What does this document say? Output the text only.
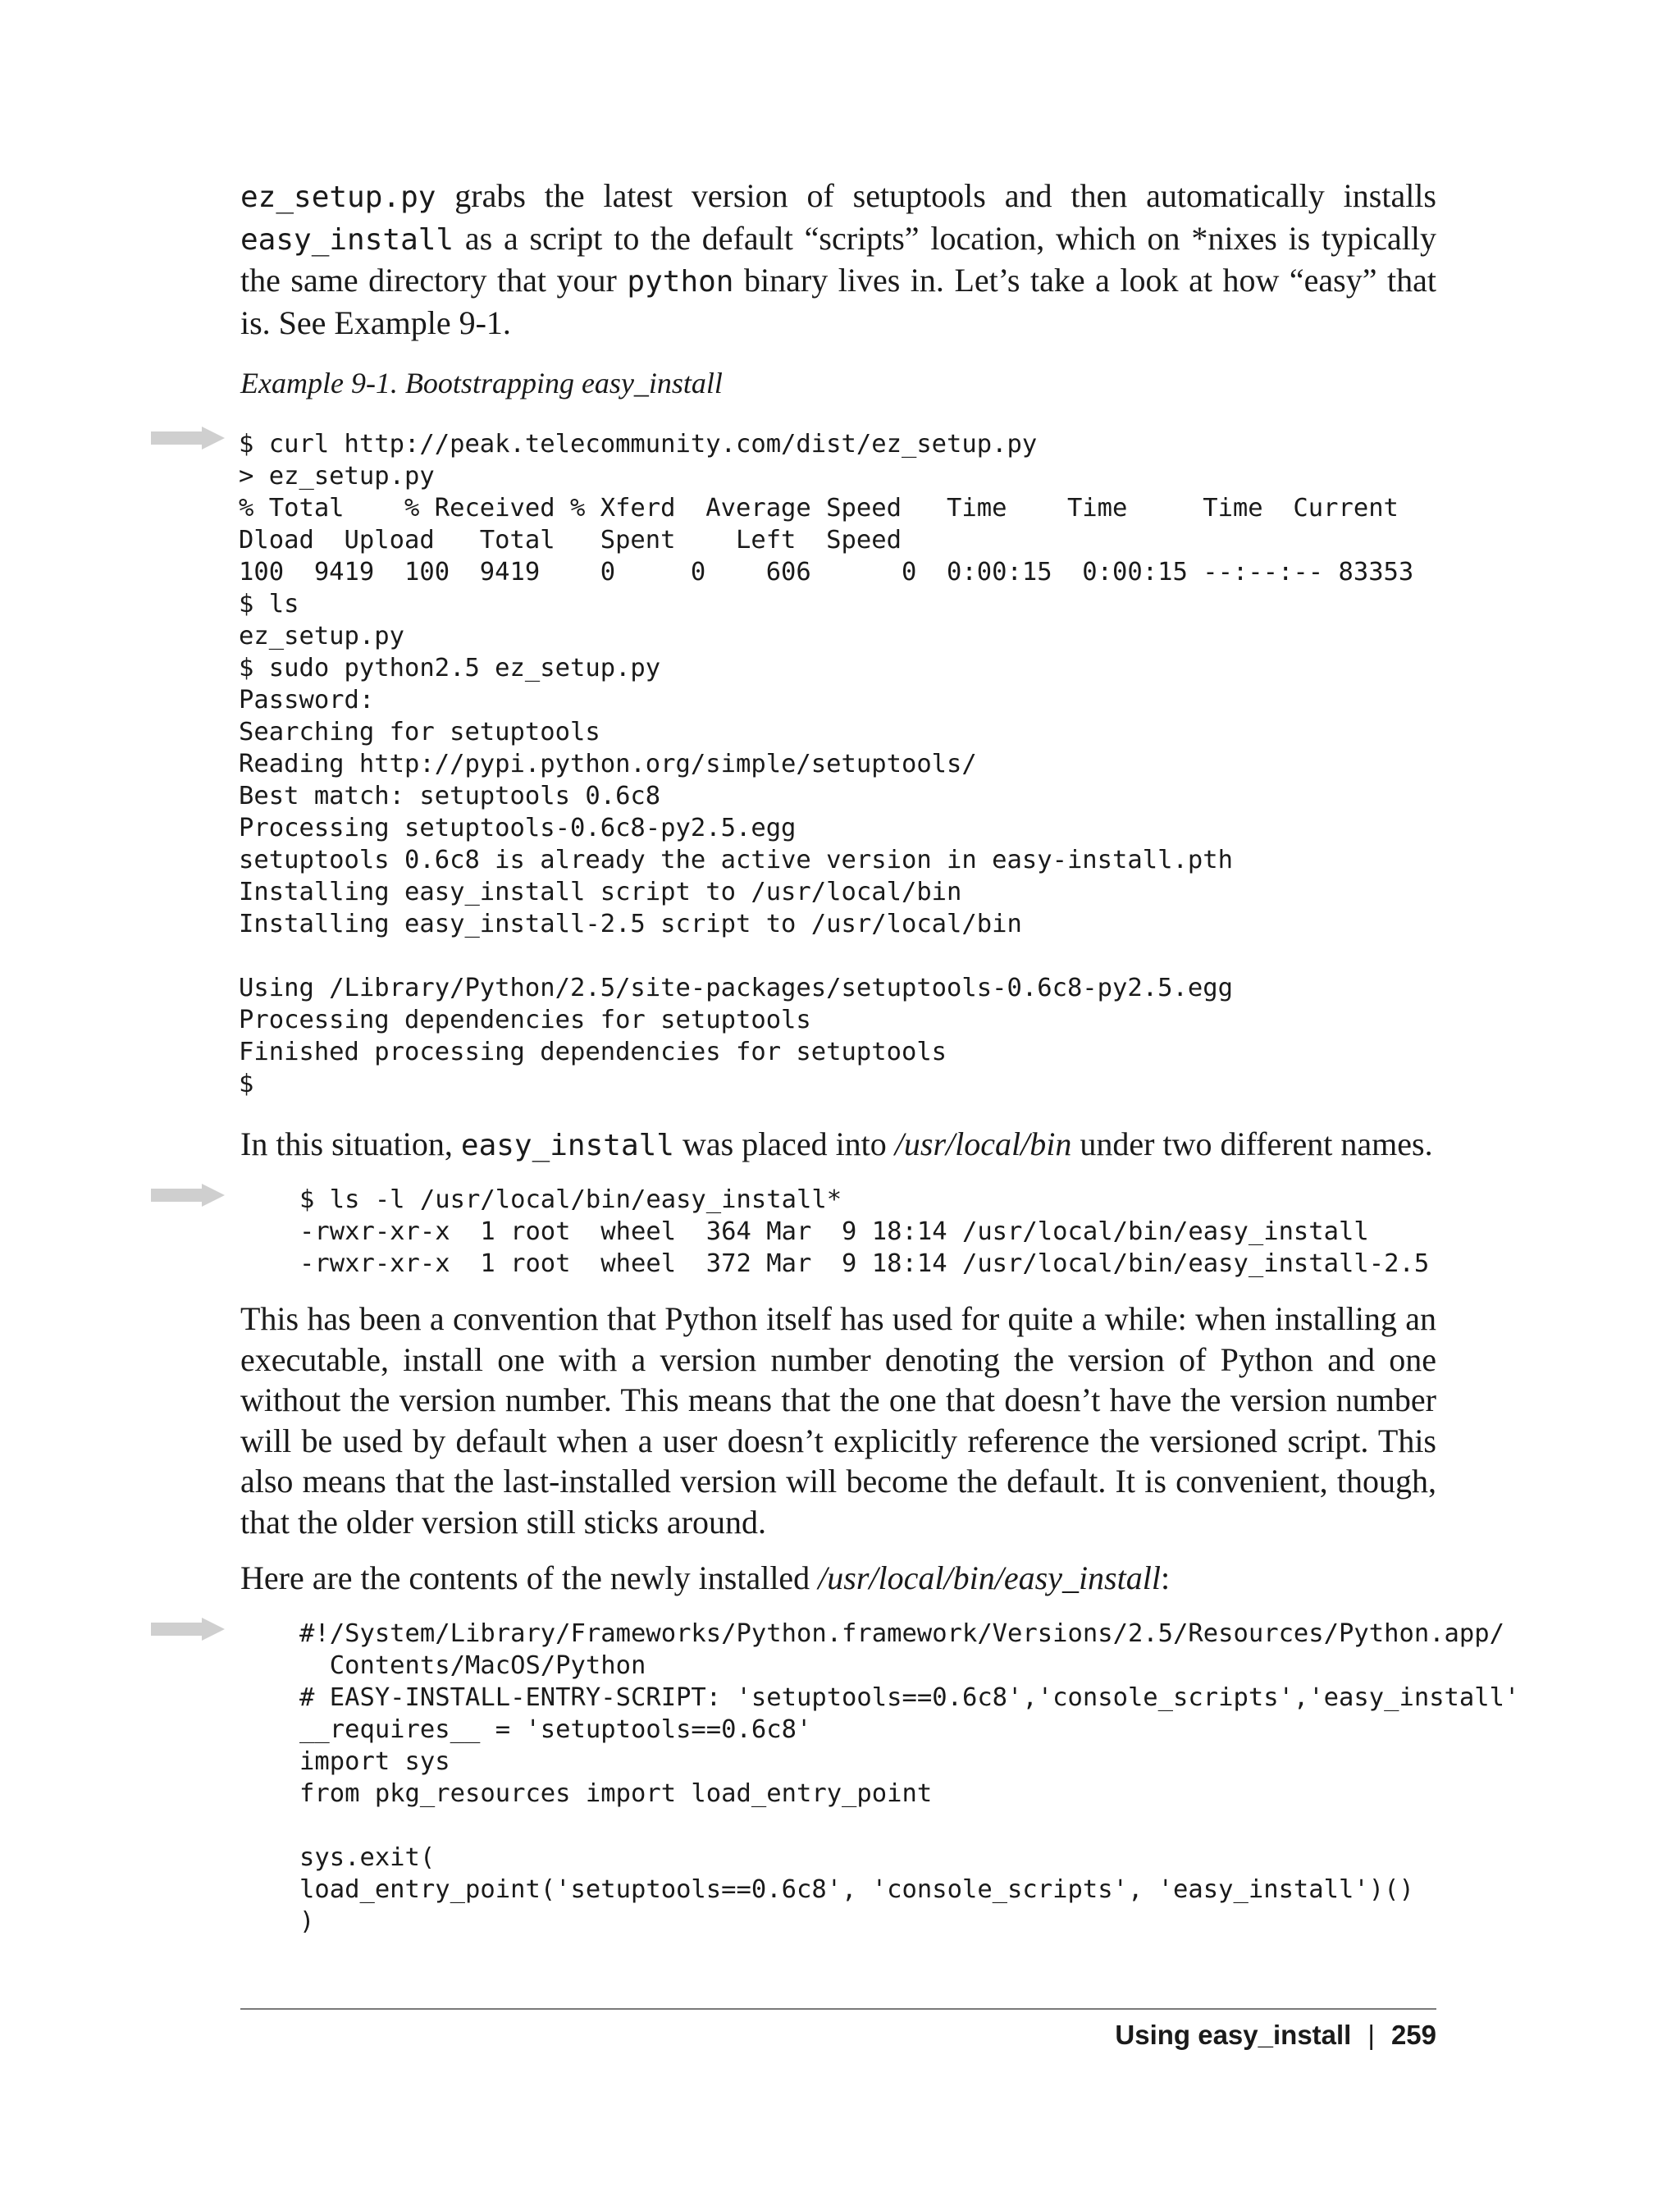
ez_setup.py grabs the latest version of setuptools and then automatically installs easy_install as a script to the default “scripts” location, which on *nixes is typically the same directory that your python binary lives in. Let’s take a look at how “easy” that is. See Example 9-1.

Example 9-1. Bootstrapping easy_install

$ curl http://peak.telecommunity.com/dist/ez_setup.py
> ez_setup.py
% Total    % Received % Xferd  Average Speed   Time    Time     Time  Current
Dload  Upload   Total   Spent    Left  Speed
100  9419  100  9419    0     0    606      0  0:00:15  0:00:15 --:--:-- 83353
$ ls
ez_setup.py
$ sudo python2.5 ez_setup.py
Password:
Searching for setuptools
Reading http://pypi.python.org/simple/setuptools/
Best match: setuptools 0.6c8
Processing setuptools-0.6c8-py2.5.egg
setuptools 0.6c8 is already the active version in easy-install.pth
Installing easy_install script to /usr/local/bin
Installing easy_install-2.5 script to /usr/local/bin

Using /Library/Python/2.5/site-packages/setuptools-0.6c8-py2.5.egg
Processing dependencies for setuptools
Finished processing dependencies for setuptools
$

In this situation, easy_install was placed into /usr/local/bin under two different names.

$ ls -l /usr/local/bin/easy_install*
-rwxr-xr-x  1 root  wheel  364 Mar  9 18:14 /usr/local/bin/easy_install
-rwxr-xr-x  1 root  wheel  372 Mar  9 18:14 /usr/local/bin/easy_install-2.5

This has been a convention that Python itself has used for quite a while: when installing an executable, install one with a version number denoting the version of Python and one without the version number. This means that the one that doesn’t have the version number will be used by default when a user doesn’t explicitly reference the versioned script. This also means that the last-installed version will become the default. It is convenient, though, that the older version still sticks around.

Here are the contents of the newly installed /usr/local/bin/easy_install:

#!/System/Library/Frameworks/Python.framework/Versions/2.5/Resources/Python.app/
Contents/MacOS/Python
# EASY-INSTALL-ENTRY-SCRIPT: 'setuptools==0.6c8','console_scripts','easy_install'
__requires__ = 'setuptools==0.6c8'
import sys
from pkg_resources import load_entry_point

sys.exit(
load_entry_point('setuptools==0.6c8', 'console_scripts', 'easy_install')()
)
Using easy_install | 259
